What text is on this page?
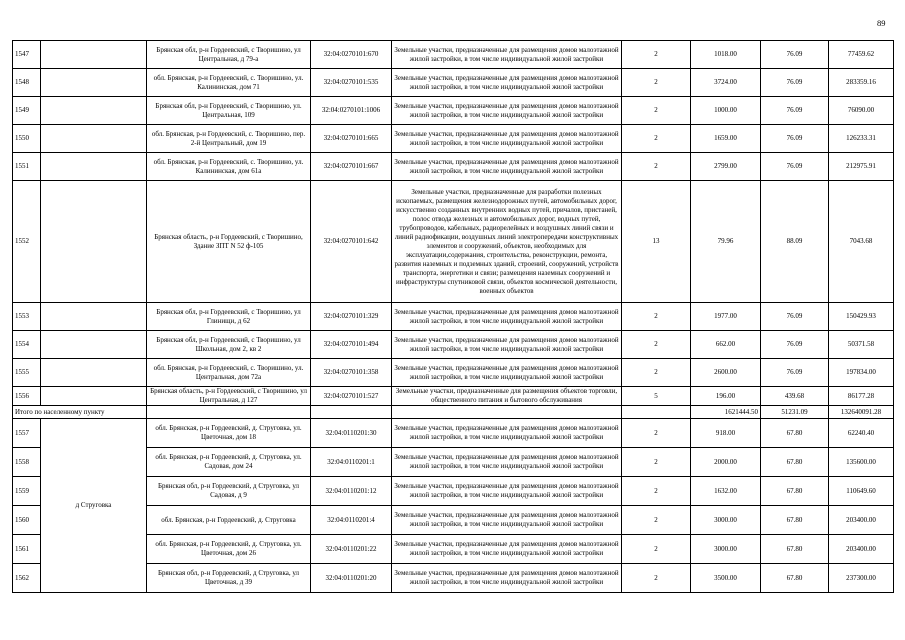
89
1547		Брянская обл, р-н Гордеевский, с Творишино, ул Центральная, д 79-а	32:04:0270101:670	Земельные участки, предназначенные для размещения домов малоэтажной жилой застройки, в том числе индивидуальной жилой застройки	2	1018.00	76.09	77459.62
1548		обл. Брянская, р-н Гордеевский, с. Творишино, ул. Калининская, дом 71	32:04:0270101:535	Земельные участки, предназначенные для размещения домов малоэтажной жилой застройки, в том числе индивидуальной жилой застройки	2	3724.00	76.09	283359.16
1549		Брянская обл, р-н Гордеевский, с Творишино, ул. Центральная, 109	32:04:0270101:1006	Земельные участки, предназначенные для размещения домов малоэтажной жилой застройки, в том числе индивидуальной жилой застройки	2	1000.00	76.09	76090.00
1550		обл. Брянская, р-н Гордеевский, с. Творишино, пер. 2-й Центральный, дом 19	32:04:0270101:665	Земельные участки, предназначенные для размещения домов малоэтажной жилой застройки, в том числе индивидуальной жилой застройки	2	1659.00	76.09	126233.31
1551		обл. Брянская, р-н Гордеевский, с. Творишино, ул. Калининская, дом 61а	32:04:0270101:667	Земельные участки, предназначенные для размещения домов малоэтажной жилой застройки, в том числе индивидуальной жилой застройки	2	2799.00	76.09	212975.91
1552		Брянская область, р-н Гордеевский, с Творишино, Здание ЗПТ N 52 ф-105	32:04:0270101:642	Земельные участки, предназначенные для разработки полезных ископаемых, размещения железнодорожных путей, автомобильных дорог, искусственно созданных внутренних водных путей, причалов, пристаней, полос отвода железных и автомобильных дорог, водных путей, трубопроводов, кабельных, радиорелейных и воздушных линий связи и линий радиофикации, воздушных линий электропередачи конструктивных элементов и сооружений, объектов, необходимых для эксплуатации,содержания, строительства, реконструкции, ремонта, развития наземных и подземных зданий, строений, сооружений, устройств транспорта, энергетики и связи; размещения наземных сооружений и инфраструктуры спутниковой связи, объектов космической деятельности, военных объектов	13	79.96	88.09	7043.68
1553		Брянская обл, р-н Гордеевский, с Творишино, ул Глинищи, д 62	32:04:0270101:329	Земельные участки, предназначенные для размещения домов малоэтажной жилой застройки, в том числе индивидуальной жилой застройки	2	1977.00	76.09	150429.93
1554		Брянская обл, р-н Гордеевский, с Творишино, ул Школьная, дом 2, кв 2	32:04:0270101:494	Земельные участки, предназначенные для размещения домов малоэтажной жилой застройки, в том числе индивидуальной жилой застройки	2	662.00	76.09	50371.58
1555		обл. Брянская, р-н Гордеевский, с. Творишино, ул. Центральная, дом 72а	32:04:0270101:358	Земельные участки, предназначенные для размещения домов малоэтажной жилой застройки, в том числе индивидуальной жилой застройки	2	2600.00	76.09	197834.00
1556		Брянская область, р-н Гордеевский, с Творишино, ул Центральная, д 127	32:04:0270101:527	Земельные участки, предназначенные для размещения объектов торговли, общественного питания и бытового обслуживания	5	196.00	439.68	86177.28
Итого по населенному пункту						1621444.50	51231.09	132640091.28
1557	д Струговка	обл. Брянская, р-н Гордеевский, д. Струговка, ул. Цветочная, дом 18	32:04:0110201:30	Земельные участки, предназначенные для размещения домов малоэтажной жилой застройки, в том числе индивидуальной жилой застройки	2	918.00	67.80	62240.40
1558		обл. Брянская, р-н Гордеевский, д. Струговка, ул. Садовая, дом 24	32:04:0110201:1	Земельные участки, предназначенные для размещения домов малоэтажной жилой застройки, в том числе индивидуальной жилой застройки	2	2000.00	67.80	135600.00
1559		Брянская обл, р-н Гордеевский, д Струговка, ул Садовая, д 9	32:04:0110201:12	Земельные участки, предназначенные для размещения домов малоэтажной жилой застройки, в том числе индивидуальной жилой застройки	2	1632.00	67.80	110649.60
1560		обл. Брянская, р-н Гордеевский, д. Струговка	32:04:0110201:4	Земельные участки, предназначенные для размещения домов малоэтажной жилой застройки, в том числе индивидуальной жилой застройки	2	3000.00	67.80	203400.00
1561		обл. Брянская, р-н Гордеевский, д. Струговка, ул. Цветочная, дом 26	32:04:0110201:22	Земельные участки, предназначенные для размещения домов малоэтажной жилой застройки, в том числе индивидуальной жилой застройки	2	3000.00	67.80	203400.00
1562		Брянская обл, р-н Гордеевский, д Струговка, ул Цветочная, д 39	32:04:0110201:20	Земельные участки, предназначенные для размещения домов малоэтажной жилой застройки, в том числе индивидуальной жилой застройки	2	3500.00	67.80	237300.00
